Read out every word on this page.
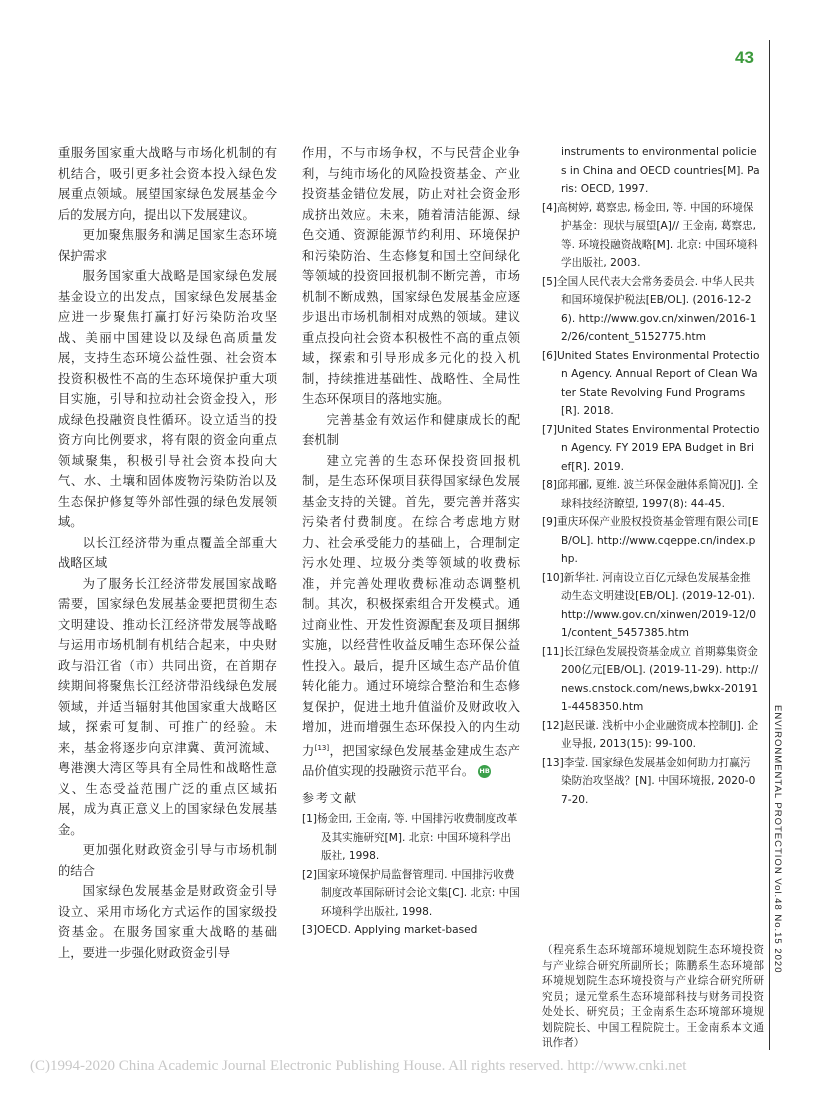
43

重服务国家重大战略与市场化机制的有机结合，吸引更多社会资本投入绿色发展重点领域。展望国家绿色发展基金今后的发展方向，提出以下发展建议。

更加聚焦服务和满足国家生态环境保护需求

服务国家重大战略是国家绿色发展基金设立的出发点，国家绿色发展基金应进一步聚焦打赢打好污染防治攻坚战、美丽中国建设以及绿色高质量发展，支持生态环境公益性强、社会资本投资积极性不高的生态环境保护重大项目实施，引导和拉动社会资金投入，形成绿色投融资良性循环。设立适当的投资方向比例要求，将有限的资金向重点领域聚集，积极引导社会资本投向大气、水、土壤和固体废物污染防治以及生态保护修复等外部性强的绿色发展领域。

以长江经济带为重点覆盖全部重大战略区域

为了服务长江经济带发展国家战略需要，国家绿色发展基金要把贯彻生态文明建设、推动长江经济带发展等战略与运用市场机制有机结合起来，中央财政与沿江省（市）共同出资，在首期存续期间将聚焦长江经济带沿线绿色发展领域，并适当辐射其他国家重大战略区域，探索可复制、可推广的经验。未来，基金将逐步向京津冀、黄河流域、粤港澳大湾区等具有全局性和战略性意义、生态受益范围广泛的重点区域拓展，成为真正意义上的国家绿色发展基金。

更加强化财政资金引导与市场机制的结合

国家绿色发展基金是财政资金引导设立、采用市场化方式运作的国家级投资基金。在服务国家重大战略的基础上，要进一步强化财政资金引导

作用，不与市场争权，不与民营企业争利，与纯市场化的风险投资基金、产业投资基金错位发展，防止对社会资金形成挤出效应。未来，随着清洁能源、绿色交通、资源能源节约利用、环境保护和污染防治、生态修复和国土空间绿化等领域的投资回报机制不断完善，市场机制不断成熟，国家绿色发展基金应逐步退出市场机制相对成熟的领域。建议重点投向社会资本积极性不高的重点领域，探索和引导形成多元化的投入机制，持续推进基础性、战略性、全局性生态环保项目的落地实施。

完善基金有效运作和健康成长的配套机制

建立完善的生态环保投资回报机制，是生态环保项目获得国家绿色发展基金支持的关键。首先，要完善并落实污染者付费制度。在综合考虑地方财力、社会承受能力的基础上，合理制定污水处理、垃圾分类等领域的收费标准，并完善处理收费标准动态调整机制。其次，积极探索组合开发模式。通过商业性、开发性资源配套及项目捆绑实施，以经营性收益反哺生态环保公益性投入。最后，提升区域生态产品价值转化能力。通过环境综合整治和生态修复保护，促进土地升值溢价及财政收入增加，进而增强生态环保投入的内生动力[13]，把国家绿色发展基金建成生态产品价值实现的投融资示范平台。 HB

参考文献

[1]杨金田, 王金南, 等. 中国排污收费制度改革及其实施研究[M]. 北京: 中国环境科学出版社, 1998.

[2]国家环境保护局监督管理司. 中国排污收费制度改革国际研讨会论文集[C]. 北京: 中国环境科学出版社, 1998.

[3]OECD. Applying market-based

instruments to environmental policies in China and OECD countries[M]. Paris: OECD, 1997.

[4]高树婷, 葛察忠, 杨金田, 等. 中国的环境保护基金：现状与展望[A]// 王金南, 葛察忠, 等. 环境投融资战略[M]. 北京: 中国环境科学出版社, 2003.

[5]全国人民代表大会常务委员会. 中华人民共和国环境保护税法[EB/OL]. (2016-12-26). http://www.gov.cn/xinwen/2016-12/26/content_5152775.htm

[6]United States Environmental Protection Agency. Annual Report of Clean Water State Revolving Fund Programs[R]. 2018.

[7]United States Environmental Protection Agency. FY 2019 EPA Budget in Brief[R]. 2019.

[8]邱邦郦, 夏维. 波兰环保金融体系简况[J]. 全球科技经济瞭望, 1997(8): 44-45.

[9]重庆环保产业股权投资基金管理有限公司[EB/OL]. http://www.cqeppe.cn/index.php.

[10]新华社. 河南设立百亿元绿色发展基金推动生态文明建设[EB/OL]. (2019-12-01). http://www.gov.cn/xinwen/2019-12/01/content_5457385.htm

[11]长江绿色发展投资基金成立 首期募集资金200亿元[EB/OL]. (2019-11-29). http://news.cnstock.com/news,bwkx-201911-4458350.htm

[12]赵民谦. 浅析中小企业融资成本控制[J]. 企业导报, 2013(15): 99-100.

[13]李莹. 国家绿色发展基金如何助力打赢污染防治攻坚战？[N]. 中国环境报, 2020-07-20.

（程亮系生态环境部环境规划院生态环境投资与产业综合研究所副所长；陈鹏系生态环境部环境规划院生态环境投资与产业综合研究所研究员；逯元堂系生态环境部科技与财务司投资处处长、研究员；王金南系生态环境部环境规划院院长、中国工程院院士。王金南系本文通讯作者）
ENVIRONMENTAL PROTECTION Vol.48 No.15 2020
(C)1994-2020 China Academic Journal Electronic Publishing House. All rights reserved. http://www.cnki.net
